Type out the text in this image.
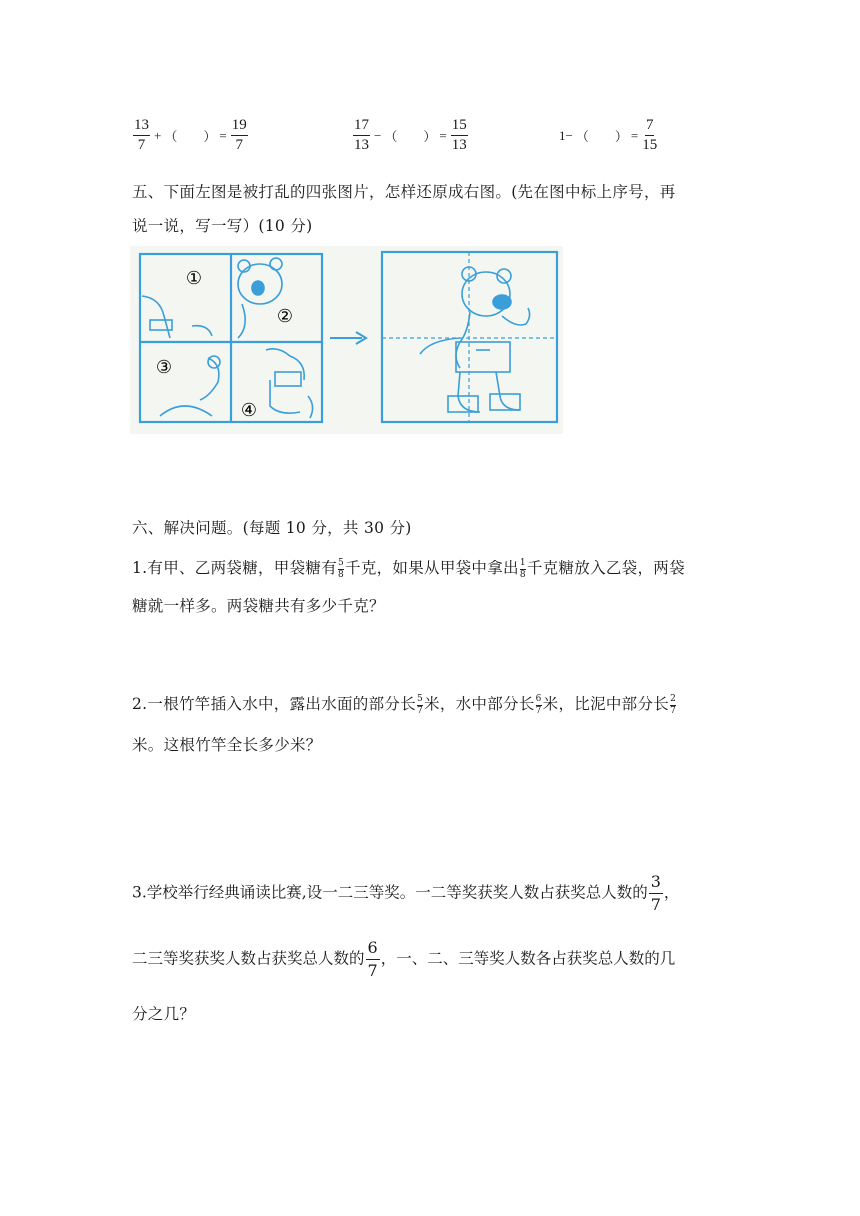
$\frac{13}{7}$ + （　　） = $\frac{19}{7}$	$\frac{17}{13}$ − （　　） = $\frac{15}{13}$	1− （　　） = $\frac{7}{15}$
五、下面左图是被打乱的四张图片，怎样还原成右图。(先在图中标上序号，再
说一说，写一写）(10 分)
①
②
③
④
六、解决问题。(每题 10 分，共 30 分)
1.有甲、乙两袋糖，甲袋糖有 $\frac{5}{8}$ 千克，如果从甲袋中拿出 $\frac{1}{8}$ 千克糖放入乙袋，两袋
糖就一样多。两袋糖共有多少千克？
2.一根竹竿插入水中，露出水面的部分长 $\frac{5}{7}$ 米，水中部分长 $\frac{6}{7}$ 米，比泥中部分长 $\frac{2}{7}$
米。这根竹竿全长多少米？
3.学校举行经典诵读比赛,设一二三等奖。一二等奖获奖人数占获奖总人数的 $\frac{3}{7}$ ，
二三等奖获奖人数占获奖总人数的 $\frac{6}{7}$ ，一、二、三等奖人数各占获奖总人数的几
分之几？
